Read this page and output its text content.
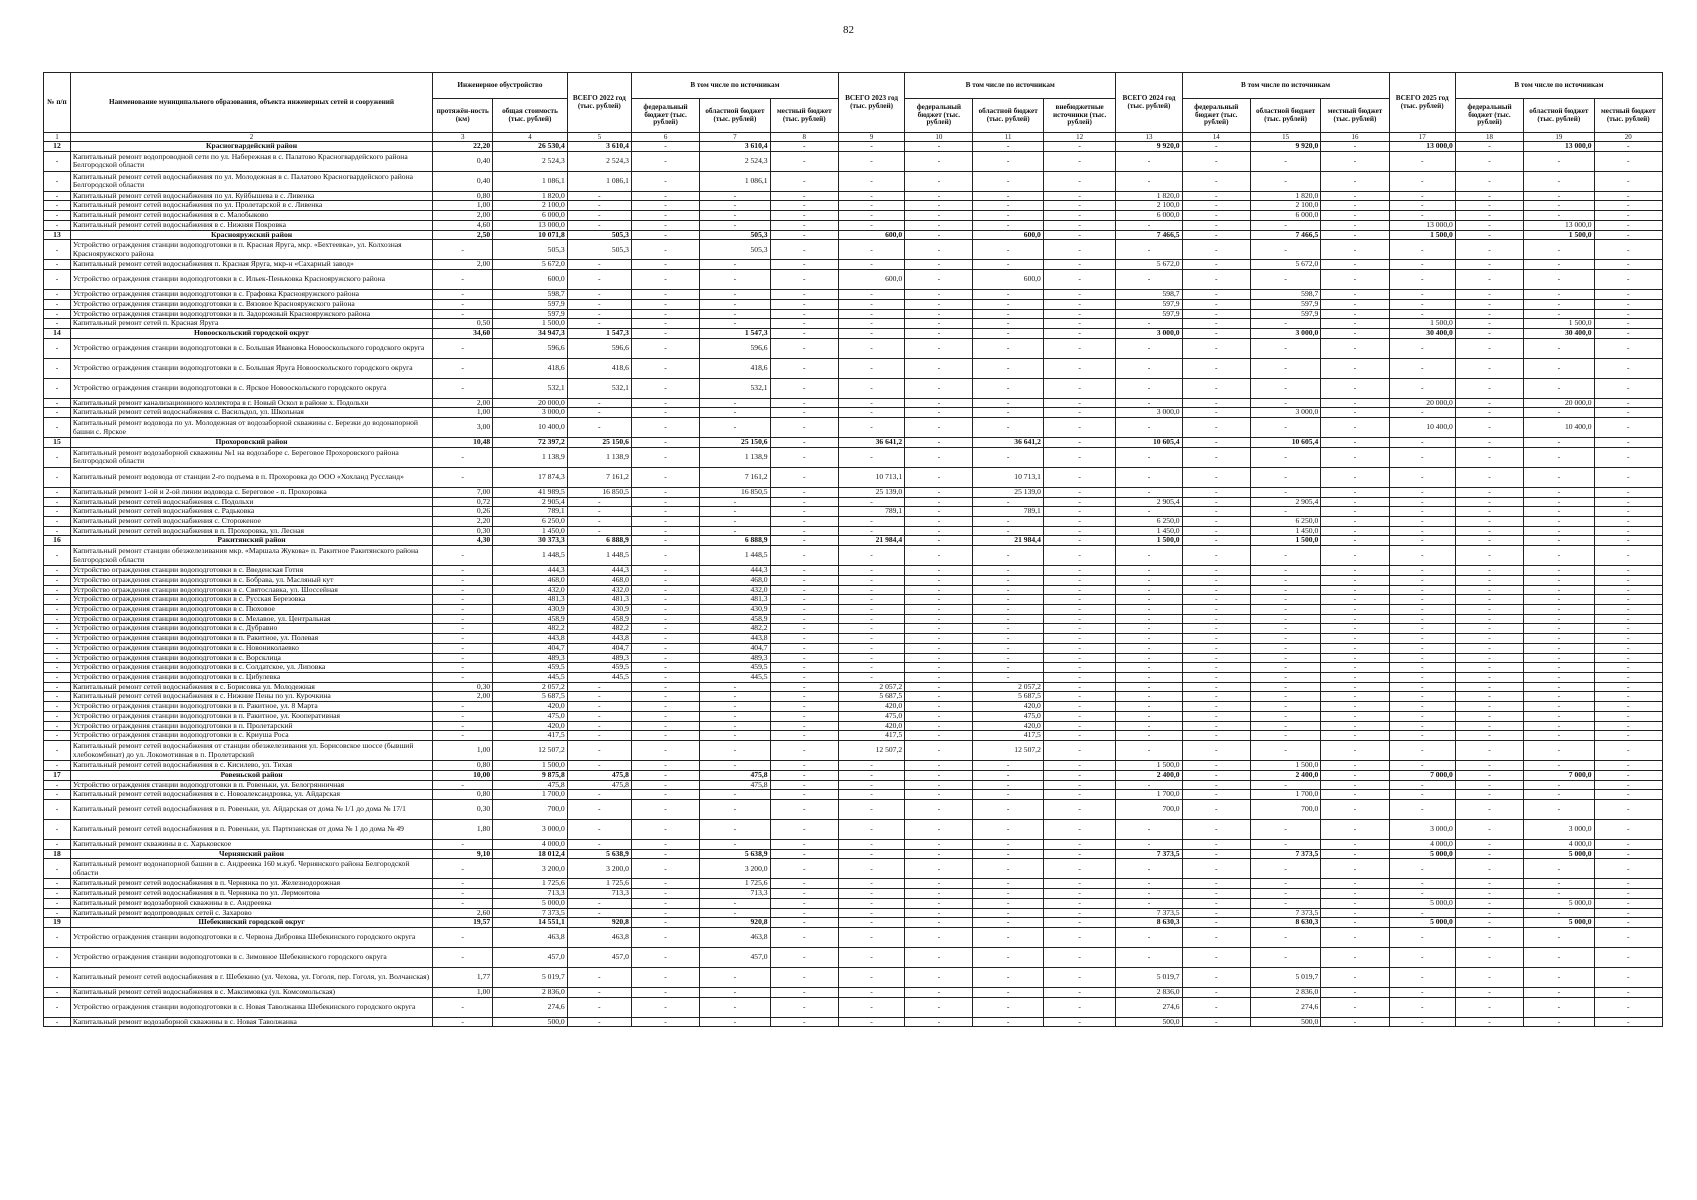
82
№ п/п	Наименование муниципального образования, объекта инженерных сетей и сооружений	Инженерное обустройство		ВСЕГО 2022 год (тыс. рублей)	В том числе по источникам			ВСЕГО 2023 год (тыс. рублей)	В том числе по источникам			ВСЕГО 2024 год (тыс. рублей)	В том числе по источникам			ВСЕГО 2025 год (тыс. рублей)	В том числе по источникам		
		протяжён-ность (км)	общая стоимость (тыс. рублей)		федеральный бюджет (тыс. рублей)	областной бюджет (тыс. рублей)	местный бюджет (тыс. рублей)		федеральный бюджет (тыс. рублей)	областной бюджет (тыс. рублей)	внебюджетные источники (тыс. рублей)		федеральный бюджет (тыс. рублей)	областной бюджет (тыс. рублей)	местный бюджет (тыс. рублей)		федеральный бюджет (тыс. рублей)	областной бюджет (тыс. рублей)	местный бюджет (тыс. рублей)
1	2	3	4	5	6	7	8	9	10	11	12	13	14	15	16	17	18	19	20
12	Красногвардейский район	22,20	26 530,4	3 610,4	-	3 610,4	-	-	-	-	-	9 920,0	-	9 920,0	-	13 000,0	-	13 000,0	-
-	Капитальный ремонт водопроводной сети по ул. Набережная в с. Палатово Красногвардейского района Белгородской области	0,40	2 524,3	2 524,3	-	2 524,3	-	-	-	-	-	-	-	-	-	-	-	-	-
-	Капитальный ремонт сетей водоснабжения по ул. Молодежная в с. Палатово Красногвардейского района Белгородской области	0,40	1 086,1	1 086,1	-	1 086,1	-	-	-	-	-	-	-	-	-	-	-	-	-
-	Капитальный ремонт сетей водоснабжения по ул. Куйбышева в с. Ливенка	0,80	1 820,0	-	-	-	-	-	-	-	-	1 820,0	-	1 820,0	-	-	-	-	-
-	Капитальный ремонт сетей водоснабжения по ул. Пролетарской в с. Ливенка	1,00	2 100,0	-	-	-	-	-	-	-	-	2 100,0	-	2 100,0	-	-	-	-	-
-	Капитальный ремонт сетей водоснабжения в с. Малобыково	2,00	6 000,0	-	-	-	-	-	-	-	-	6 000,0	-	6 000,0	-	-	-	-	-
-	Капитальный ремонт сетей водоснабжения в с. Нижняя Покровка	4,60	13 000,0	-	-	-	-	-	-	-	-	-	-	-	-	13 000,0	-	13 000,0	-
13	Краснояружский район	2,50	10 071,8	505,3	-	505,3	-	600,0	-	600,0	-	7 466,5	-	7 466,5	-	1 500,0	-	1 500,0	-
-	Устройство ограждения станции водоподготовки в п. Красная Яруга, мкр. «Бехтеевка», ул. Колхозная Краснояружского района	-	505,3	505,3	-	505,3	-	-	-	-	-	-	-	-	-	-	-	-	-
-	Капитальный ремонт сетей водоснабжения п. Красная Яруга, мкр-н «Сахарный завод»	2,00	5 672,0	-	-	-	-	-	-	-	-	5 672,0	-	5 672,0	-	-	-	-	-
-	Устройство ограждения станции водоподготовки в с. Ильек-Пеньковка Краснояружского района	-	600,0	-	-	-	-	600,0	-	600,0	-	-	-	-	-	-	-	-	-
-	Устройство ограждения станции водоподготовки в с. Графовка Краснояружского района	-	598,7	-	-	-	-	-	-	-	-	598,7	-	598,7	-	-	-	-	-
-	Устройство ограждения станции водоподготовки в с. Вязовое Краснояружского района	-	597,9	-	-	-	-	-	-	-	-	597,9	-	597,9	-	-	-	-	-
-	Устройство ограждения станции водоподготовки в п. Задорожный Краснояружского района	-	597,9	-	-	-	-	-	-	-	-	597,9	-	597,9	-	-	-	-	-
-	Капитальный ремонт сетей п. Красная Яруга	0,50	1 500,0	-	-	-	-	-	-	-	-	-	-	-	-	1 500,0	-	1 500,0	-
14	Новооскольский городской округ	34,60	34 947,3	1 547,3	-	1 547,3	-	-	-	-	-	3 000,0	-	3 000,0	-	30 400,0	-	30 400,0	-
-	Устройство ограждения станции водоподготовки в с. Большая Ивановка Новооскольского городского округа	-	596,6	596,6	-	596,6	-	-	-	-	-	-	-	-	-	-	-	-	-
-	Устройство ограждения станции водоподготовки в с. Большая Яруга Новооскольского городского округа	-	418,6	418,6	-	418,6	-	-	-	-	-	-	-	-	-	-	-	-	-
-	Устройство ограждения станции водоподготовки в с. Ярское Новооскольского городского округа	-	532,1	532,1	-	532,1	-	-	-	-	-	-	-	-	-	-	-	-	-
-	Капитальный ремонт канализационного коллектора в г. Новый Оскол в районе х. Подольхи	2,00	20 000,0	-	-	-	-	-	-	-	-	-	-	-	-	20 000,0	-	20 000,0	-
-	Капитальный ремонт сетей водоснабжения с. Васильдол, ул. Школьная	1,00	3 000,0	-	-	-	-	-	-	-	-	3 000,0	-	3 000,0	-	-	-	-	-
-	Капитальный ремонт водовода по ул. Молодежная от водозаборной скважины с. Березки до водонапорной башни с. Ярское	3,00	10 400,0	-	-	-	-	-	-	-	-	-	-	-	-	10 400,0	-	10 400,0	-
15	Прохоровский район	10,48	72 397,2	25 150,6	-	25 150,6	-	36 641,2	-	36 641,2	-	10 605,4	-	10 605,4	-	-	-	-	-
-	Капитальный ремонт водозаборной скважины №1 на водозаборе с. Береговое Прохоровского района Белгородской области	-	1 138,9	1 138,9	-	1 138,9	-	-	-	-	-	-	-	-	-	-	-	-	-
-	Капитальный ремонт водовода от станции 2-го подъема в п. Прохоровка до ООО «Хохланд Руссланд»	-	17 874,3	7 161,2	-	7 161,2	-	10 713,1	-	10 713,1	-	-	-	-	-	-	-	-	-
-	Капитальный ремонт 1-ой и 2-ой линии водовода с. Береговое - п. Прохоровка	7,00	41 989,5	16 850,5	-	16 850,5	-	25 139,0	-	25 139,0	-	-	-	-	-	-	-	-	-
-	Капитальный ремонт сетей водоснабжения с. Подольхи	0,72	2 905,4	-	-	-	-	-	-	-	-	2 905,4	-	2 905,4	-	-	-	-	-
-	Капитальный ремонт сетей водоснабжения с. Радьковка	0,26	789,1	-	-	-	-	789,1	-	789,1	-	-	-	-	-	-	-	-	-
-	Капитальный ремонт сетей водоснабжения с. Стороженое	2,20	6 250,0	-	-	-	-	-	-	-	-	6 250,0	-	6 250,0	-	-	-	-	-
-	Капитальный ремонт сетей водоснабжения в п. Прохоровка, ул. Лесная	0,30	1 450,0	-	-	-	-	-	-	-	-	1 450,0	-	1 450,0	-	-	-	-	-
16	Ракитянский район	4,30	30 373,3	6 888,9	-	6 888,9	-	21 984,4	-	21 984,4	-	1 500,0	-	1 500,0	-	-	-	-	-
-	Капитальный ремонт станции обезжелезивания мкр. «Маршала Жукова» п. Ракитное Ракитянского района Белгородской области	-	1 448,5	1 448,5	-	1 448,5	-	-	-	-	-	-	-	-	-	-	-	-	-
-	Устройство ограждения станции водоподготовки в с. Введенская Готня	-	444,3	444,3	-	444,3	-	-	-	-	-	-	-	-	-	-	-	-	-
-	Устройство ограждения станции водоподготовки в с. Бобрава, ул. Масляный кут	-	468,0	468,0	-	468,0	-	-	-	-	-	-	-	-	-	-	-	-	-
-	Устройство ограждения станции водоподготовки в с. Святославка, ул. Шоссейная	-	432,0	432,0	-	432,0	-	-	-	-	-	-	-	-	-	-	-	-	-
-	Устройство ограждения станции водоподготовки в с. Русская Березовка	-	481,3	481,3	-	481,3	-	-	-	-	-	-	-	-	-	-	-	-	-
-	Устройство ограждения станции водоподготовки в с. Пюховое	-	430,9	430,9	-	430,9	-	-	-	-	-	-	-	-	-	-	-	-	-
-	Устройство ограждения станции водоподготовки в с. Мелавое, ул. Центральная	-	458,9	458,9	-	458,9	-	-	-	-	-	-	-	-	-	-	-	-	-
-	Устройство ограждения станции водоподготовки в с. Дубравно	-	482,2	482,2	-	482,2	-	-	-	-	-	-	-	-	-	-	-	-	-
-	Устройство ограждения станции водоподготовки в п. Ракитное, ул. Полевая	-	443,8	443,8	-	443,8	-	-	-	-	-	-	-	-	-	-	-	-	-
-	Устройство ограждения станции водоподготовки в с. Новониколаевко	-	404,7	404,7	-	404,7	-	-	-	-	-	-	-	-	-	-	-	-	-
-	Устройство ограждения станции водоподготовки в с. Ворсклица	-	489,3	489,3	-	489,3	-	-	-	-	-	-	-	-	-	-	-	-	-
-	Устройство ограждения станции водоподготовки в с. Солдатское, ул. Липовка	-	459,5	459,5	-	459,5	-	-	-	-	-	-	-	-	-	-	-	-	-
-	Устройство ограждения станции водоподготовки в с. Цибулевка	-	445,5	445,5	-	445,5	-	-	-	-	-	-	-	-	-	-	-	-	-
-	Капитальный ремонт сетей водоснабжения в с. Борисовка ул. Молодежная	0,30	2 057,2	-	-	-	-	2 057,2	-	2 057,2	-	-	-	-	-	-	-	-	-
-	Капитальный ремонт сетей водоснабжения в с. Нижние Пены по ул. Курочкина	2,00	5 687,5	-	-	-	-	5 687,5	-	5 687,5	-	-	-	-	-	-	-	-	-
-	Устройство ограждения станции водоподготовки в п. Ракитное, ул. 8 Марта	-	420,0	-	-	-	-	420,0	-	420,0	-	-	-	-	-	-	-	-	-
-	Устройство ограждения станции водоподготовки в п. Ракитное, ул. Кооперативная	-	475,0	-	-	-	-	475,0	-	475,0	-	-	-	-	-	-	-	-	-
-	Устройство ограждения станции водоподготовки в п. Пролетарский	-	420,0	-	-	-	-	420,0	-	420,0	-	-	-	-	-	-	-	-	-
-	Устройство ограждения станции водоподготовки в с. Криуша Роса	-	417,5	-	-	-	-	417,5	-	417,5	-	-	-	-	-	-	-	-	-
-	Капитальный ремонт сетей водоснабжения от станции обезжелезивания ул. Борисовское шоссе (бывший хлебокомбинат) до ул. Локомотивная в п. Пролетарский	1,00	12 507,2	-	-	-	-	12 507,2	-	12 507,2	-	-	-	-	-	-	-	-	-
-	Капитальный ремонт сетей водоснабжения в с. Кисилево, ул. Тихая	0,80	1 500,0	-	-	-	-	-	-	-	-	1 500,0	-	1 500,0	-	-	-	-	-
17	Ровеньской район	10,00	9 875,8	475,8	-	475,8	-	-	-	-	-	2 400,0	-	2 400,0	-	7 000,0	-	7 000,0	-
-	Устройство ограждения станции водоподготовки в п. Ровеньки, ул. Белогрянничная	-	475,8	475,8	-	475,8	-	-	-	-	-	-	-	-	-	-	-	-	-
-	Капитальный ремонт сетей водоснабжения в с. Новоалександровка, ул. Айдарская	0,80	1 700,0	-	-	-	-	-	-	-	-	1 700,0	-	1 700,0	-	-	-	-	-
-	Капитальный ремонт сетей водоснабжения в п. Ровеньки, ул. Айдарская от дома № 1/1 до дома № 17/1	0,30	700,0	-	-	-	-	-	-	-	-	700,0	-	700,0	-	-	-	-	-
-	Капитальный ремонт сетей водоснабжения в п. Ровеньки, ул. Партизанская от дома № 1 до дома № 49	1,80	3 000,0	-	-	-	-	-	-	-	-	-	-	-	-	3 000,0	-	3 000,0	-
-	Капитальный ремонт скважины в с. Харьковское	-	4 000,0	-	-	-	-	-	-	-	-	-	-	-	-	4 000,0	-	4 000,0	-
18	Чернянский район	9,10	18 012,4	5 638,9	-	5 638,9	-	-	-	-	-	7 373,5	-	7 373,5	-	5 000,0	-	5 000,0	-
-	Капитальный ремонт водонапорной башни в с. Андреевка 160 м.куб. Чернянского района Белгородской области	-	3 200,0	3 200,0	-	3 200,0	-	-	-	-	-	-	-	-	-	-	-	-	-
-	Капитальный ремонт сетей водоснабжения в п. Чернянка по ул. Железнодорожная	-	1 725,6	1 725,6	-	1 725,6	-	-	-	-	-	-	-	-	-	-	-	-	-
-	Капитальный ремонт сетей водоснабжения в п. Чернянка по ул. Лермонтова	-	713,3	713,3	-	713,3	-	-	-	-	-	-	-	-	-	-	-	-	-
-	Капитальный ремонт водозаборной скважины в с. Андреевка	-	5 000,0	-	-	-	-	-	-	-	-	-	-	-	-	5 000,0	-	5 000,0	-
-	Капитальный ремонт водопроводных сетей с. Захарово	2,60	7 373,5	-	-	-	-	-	-	-	-	7 373,5	-	7 373,5	-	-	-	-	-
19	Шебекинский городской округ	19,57	14 551,1	920,8	-	920,8	-	-	-	-	-	8 630,3	-	8 630,3	-	5 000,0	-	5 000,0	-
-	Устройство ограждения станции водоподготовки в с. Червона Дибровка Шебекинского городского округа	-	463,8	463,8	-	463,8	-	-	-	-	-	-	-	-	-	-	-	-	-
-	Устройство ограждения станции водоподготовки в с. Зимовное Шебекинского городского округа	-	457,0	457,0	-	457,0	-	-	-	-	-	-	-	-	-	-	-	-	-
-	Капитальный ремонт сетей водоснабжения в г. Шебекино (ул. Чехова, ул. Гоголя, пер. Гоголя, ул. Волчанская)	1,77	5 019,7	-	-	-	-	-	-	-	-	5 019,7	-	5 019,7	-	-	-	-	-
-	Капитальный ремонт сетей водоснабжения в с. Максимовка (ул. Комсомольская)	1,00	2 836,0	-	-	-	-	-	-	-	-	2 836,0	-	2 836,0	-	-	-	-	-
-	Устройство ограждения станции водоподготовки в с. Новая Таволжанка Шебекинского городского округа	-	274,6	-	-	-	-	-	-	-	-	274,6	-	274,6	-	-	-	-	-
-	Капитальный ремонт водозаборной скважины в с. Новая Таволжанка	-	500,0	-	-	-	-	-	-	-	-	500,0	-	500,0	-	-	-	-	-
